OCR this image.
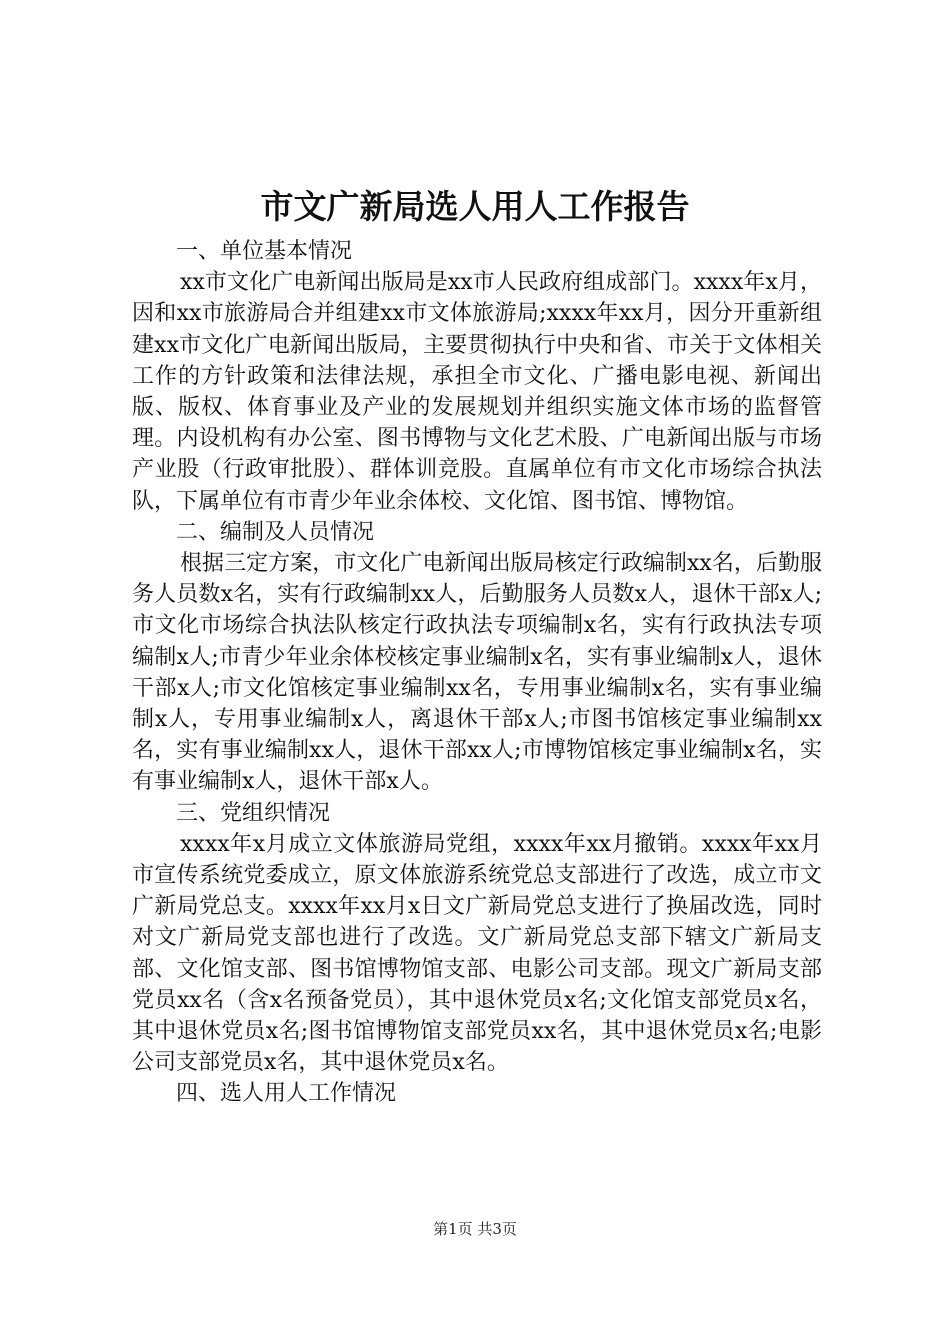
市文广新局选人用人工作报告

一、单位基本情况

xx市文化广电新闻出版局是xx市人民政府组成部门。xxxx年x月，因和xx市旅游局合并组建xx市文体旅游局;xxxx年xx月，因分开重新组建xx市文化广电新闻出版局，主要贯彻执行中央和省、市关于文体相关工作的方针政策和法律法规，承担全市文化、广播电影电视、新闻出版、版权、体育事业及产业的发展规划并组织实施文体市场的监督管理。内设机构有办公室、图书博物与文化艺术股、广电新闻出版与市场产业股（行政审批股）、群体训竞股。直属单位有市文化市场综合执法队，下属单位有市青少年业余体校、文化馆、图书馆、博物馆。

二、编制及人员情况

根据三定方案，市文化广电新闻出版局核定行政编制xx名，后勤服务人员数x名，实有行政编制xx人，后勤服务人员数x人，退休干部x人;市文化市场综合执法队核定行政执法专项编制x名，实有行政执法专项编制x人;市青少年业余体校核定事业编制x名，实有事业编制x人，退休干部x人;市文化馆核定事业编制xx名，专用事业编制x名，实有事业编制x人，专用事业编制x人，离退休干部x人;市图书馆核定事业编制xx名，实有事业编制xx人，退休干部xx人;市博物馆核定事业编制x名，实有事业编制x人，退休干部x人。

三、党组织情况

xxxx年x月成立文体旅游局党组，xxxx年xx月撤销。xxxx年xx月市宣传系统党委成立，原文体旅游系统党总支部进行了改选，成立市文广新局党总支。xxxx年xx月x日文广新局党总支进行了换届改选，同时对文广新局党支部也进行了改选。文广新局党总支部下辖文广新局支部、文化馆支部、图书馆博物馆支部、电影公司支部。现文广新局支部党员xx名（含x名预备党员），其中退休党员x名;文化馆支部党员x名，其中退休党员x名;图书馆博物馆支部党员xx名，其中退休党员x名;电影公司支部党员x名，其中退休党员x名。

四、选人用人工作情况

第1页 共3页
